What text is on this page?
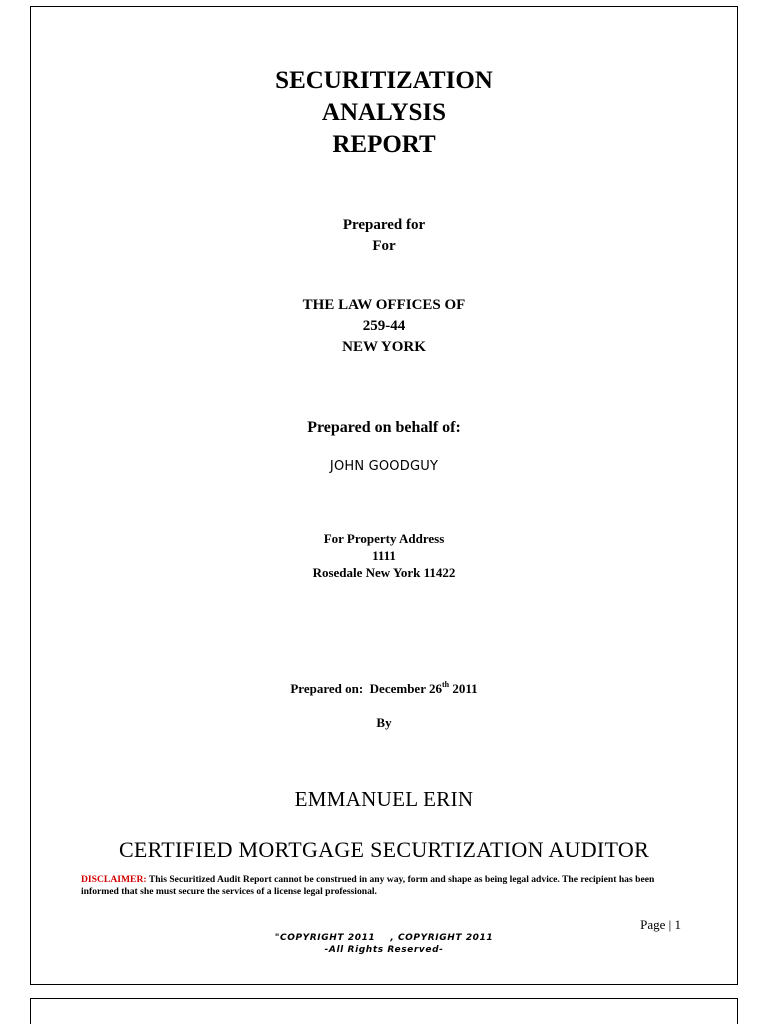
SECURITIZATION
ANALYSIS
REPORT
Prepared for
For
THE LAW OFFICES OF
259-44
NEW YORK
Prepared on behalf of:
JOHN GOODGUY
For Property Address
1111
Rosedale New York 11422
Prepared on: December 26th 2011
By
EMMANUEL ERIN
CERTIFIED MORTGAGE SECURTIZATION AUDITOR
DISCLAIMER: This Securitized Audit Report cannot be construed in any way, form and shape as being legal advice. The recipient has been informed that she must secure the services of a license legal professional.
Page | 1
"COPYRIGHT 2011    , COPYRIGHT 2011
-All Rights Reserved-
